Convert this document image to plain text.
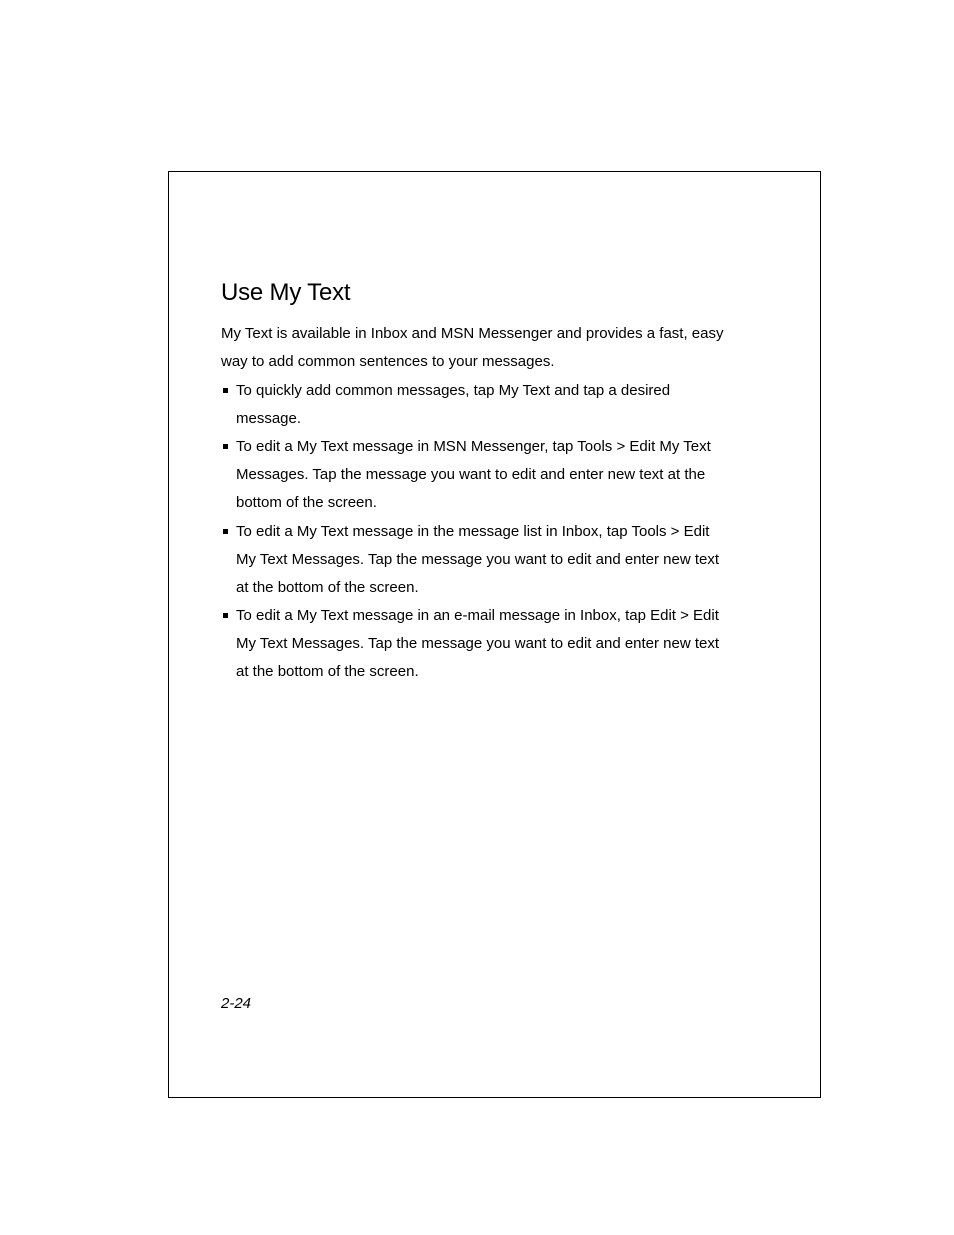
Use My Text

My Text is available in Inbox and MSN Messenger and provides a fast, easy way to add common sentences to your messages.

To quickly add common messages, tap My Text and tap a desired message.
To edit a My Text message in MSN Messenger, tap Tools > Edit My Text Messages. Tap the message you want to edit and enter new text at the bottom of the screen.
To edit a My Text message in the message list in Inbox, tap Tools > Edit My Text Messages. Tap the message you want to edit and enter new text at the bottom of the screen.
To edit a My Text message in an e-mail message in Inbox, tap Edit > Edit My Text Messages. Tap the message you want to edit and enter new text at the bottom of the screen.
2-24
